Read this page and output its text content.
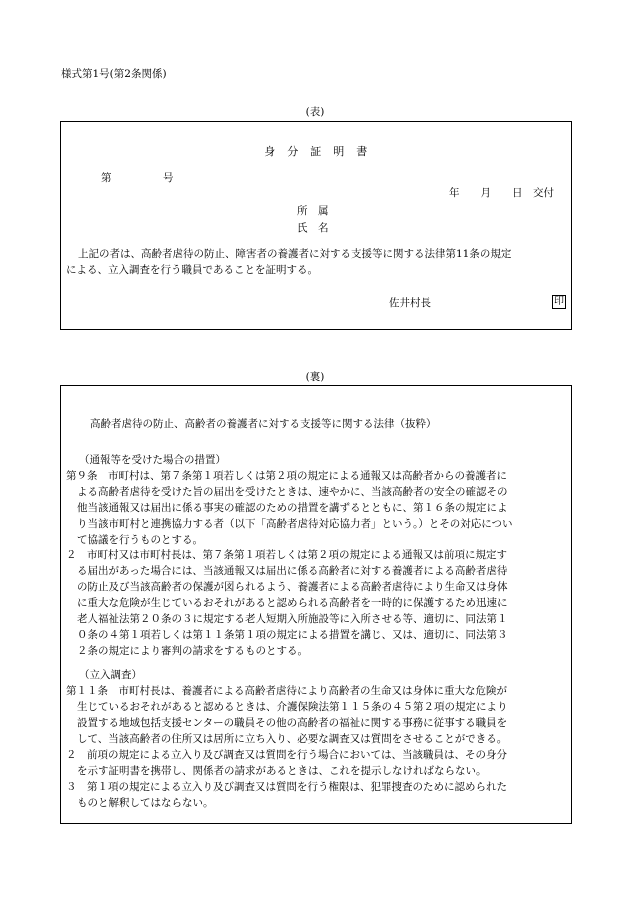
様式第1号(第2条関係)
(表)
身　分　証　明　書
第	号
年　　月　　日　交付
所　属
氏　名
上記の者は、高齢者虐待の防止、障害者の養護者に対する支援等に関する法律第11条の規定
による、立入調査を行う職員であることを証明する。
佐井村長	印
(裏)
高齢者虐待の防止、高齢者の養護者に対する支援等に関する法律（抜粋）
（通報等を受けた場合の措置）
第９条　市町村は、第７条第１項若しくは第２項の規定による通報又は高齢者からの養護者に
よる高齢者虐待を受けた旨の届出を受けたときは、速やかに、当該高齢者の安全の確認その
他当該通報又は届出に係る事実の確認のための措置を講ずるとともに、第１６条の規定によ
り当該市町村と連携協力する者（以下「高齢者虐待対応協力者」という。）とその対応につい
て協議を行うものとする。
２　市町村又は市町村長は、第７条第１項若しくは第２項の規定による通報又は前項に規定す
る届出があった場合には、当該通報又は届出に係る高齢者に対する養護者による高齢者虐待
の防止及び当該高齢者の保護が図られるよう、養護者による高齢者虐待により生命又は身体
に重大な危険が生じているおそれがあると認められる高齢者を一時的に保護するため迅速に
老人福祉法第２０条の３に規定する老人短期入所施設等に入所させる等、適切に、同法第１
０条の４第１項若しくは第１１条第１項の規定による措置を講じ、又は、適切に、同法第３
２条の規定により審判の請求をするものとする。
（立入調査）
第１１条　市町村長は、養護者による高齢者虐待により高齢者の生命又は身体に重大な危険が
生じているおそれがあると認めるときは、介護保険法第１１５条の４５第２項の規定により
設置する地域包括支援センターの職員その他の高齢者の福祉に関する事務に従事する職員を
して、当該高齢者の住所又は居所に立ち入り、必要な調査又は質問をさせることができる。
２　前項の規定による立入り及び調査又は質問を行う場合においては、当該職員は、その身分
を示す証明書を携帯し、関係者の請求があるときは、これを提示しなければならない。
３　第１項の規定による立入り及び調査又は質問を行う権限は、犯罪捜査のために認められた
ものと解釈してはならない。
